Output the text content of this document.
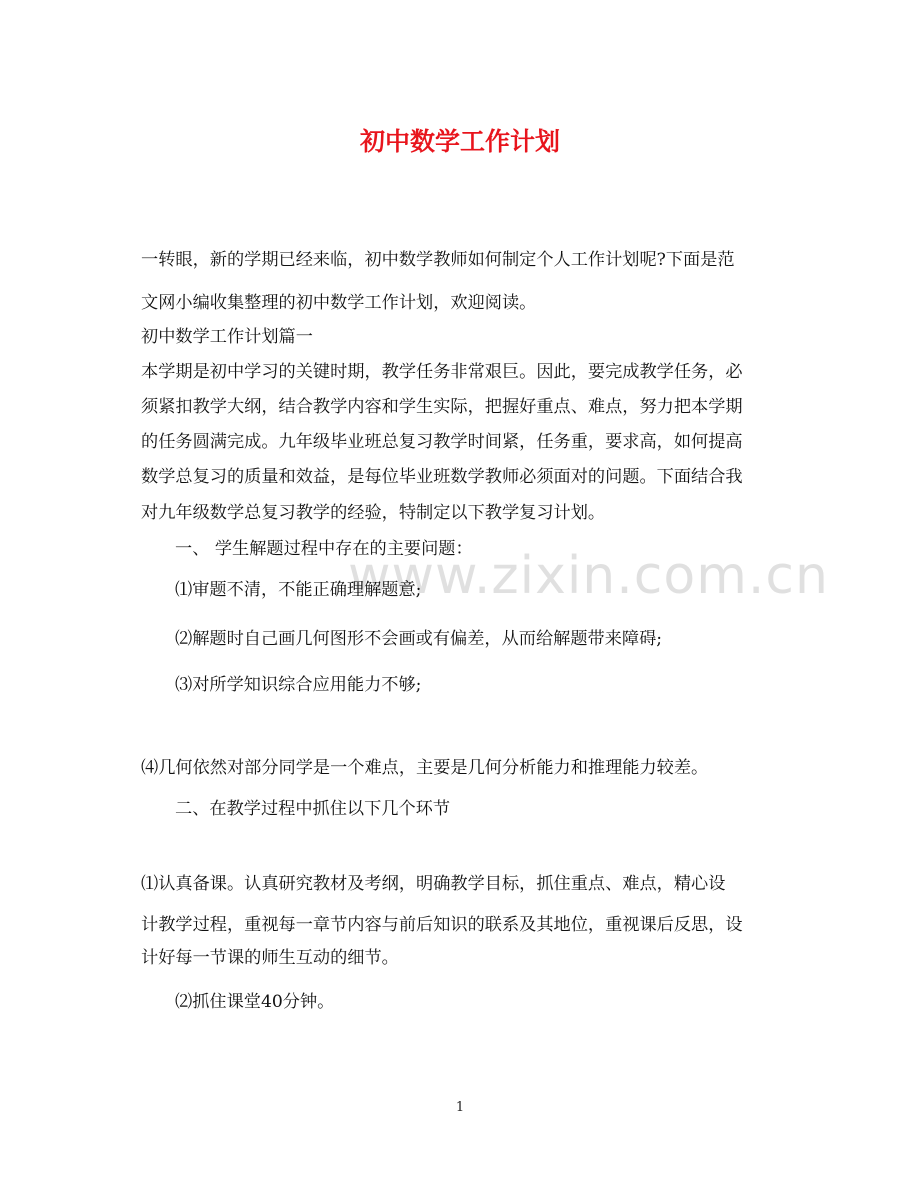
初中数学工作计划
www.zixin.com.cn
一转眼，新的学期已经来临，初中数学教师如何制定个人工作计划呢?下面是范
文网小编收集整理的初中数学工作计划，欢迎阅读。
初中数学工作计划篇一
本学期是初中学习的关键时期，教学任务非常艰巨。因此，要完成教学任务，必
须紧扣教学大纲，结合教学内容和学生实际，把握好重点、难点，努力把本学期
的任务圆满完成。九年级毕业班总复习教学时间紧，任务重，要求高，如何提高
数学总复习的质量和效益，是每位毕业班数学教师必须面对的问题。下面结合我
对九年级数学总复习教学的经验，特制定以下教学复习计划。
一、 学生解题过程中存在的主要问题：
⑴审题不清，不能正确理解题意;
⑵解题时自己画几何图形不会画或有偏差，从而给解题带来障碍;
⑶对所学知识综合应用能力不够;
⑷几何依然对部分同学是一个难点，主要是几何分析能力和推理能力较差。
二、在教学过程中抓住以下几个环节
⑴认真备课。认真研究教材及考纲，明确教学目标，抓住重点、难点，精心设
计教学过程，重视每一章节内容与前后知识的联系及其地位，重视课后反思，设
计好每一节课的师生互动的细节。
⑵抓住课堂40分钟。
1
